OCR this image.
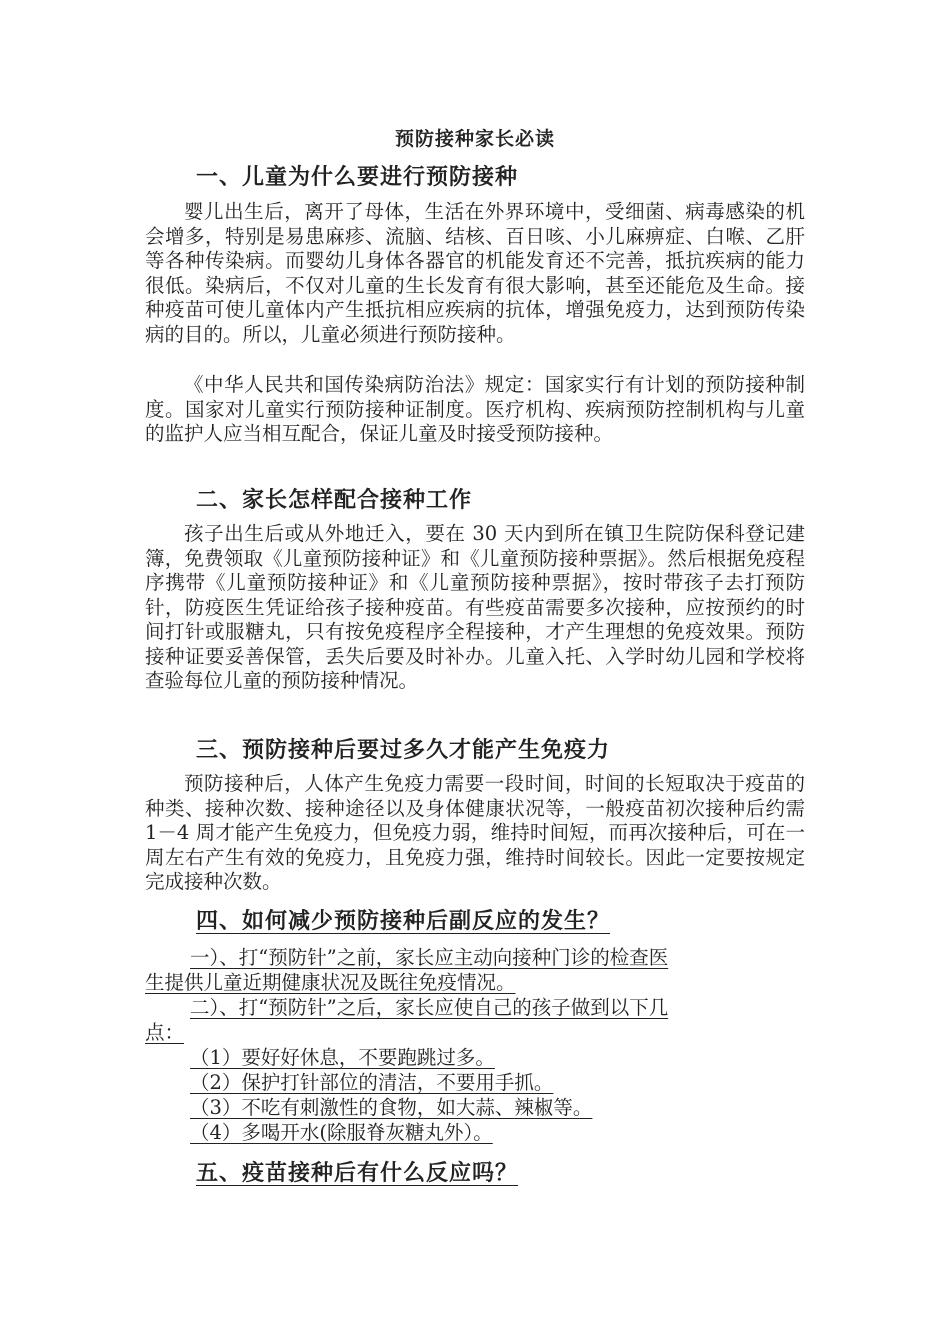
预防接种家长必读
一、儿童为什么要进行预防接种

婴儿出生后，离开了母体，生活在外界环境中，受细菌、病毒感染的机会增多，特别是易患麻疹、流脑、结核、百日咳、小儿麻痹症、白喉、乙肝等各种传染病。而婴幼儿身体各器官的机能发育还不完善，抵抗疾病的能力很低。染病后，不仅对儿童的生长发育有很大影响，甚至还能危及生命。接种疫苗可使儿童体内产生抵抗相应疾病的抗体，增强免疫力，达到预防传染病的目的。所以，儿童必须进行预防接种。

《中华人民共和国传染病防治法》规定：国家实行有计划的预防接种制度。国家对儿童实行预防接种证制度。医疗机构、疾病预防控制机构与儿童的监护人应当相互配合，保证儿童及时接受预防接种。

二、家长怎样配合接种工作

孩子出生后或从外地迁入，要在 30 天内到所在镇卫生院防保科登记建簿，免费领取《儿童预防接种证》和《儿童预防接种票据》。然后根据免疫程序携带《儿童预防接种证》和《儿童预防接种票据》，按时带孩子去打预防针，防疫医生凭证给孩子接种疫苗。有些疫苗需要多次接种，应按预约的时间打针或服糖丸，只有按免疫程序全程接种，才产生理想的免疫效果。预防接种证要妥善保管，丢失后要及时补办。儿童入托、入学时幼儿园和学校将查验每位儿童的预防接种情况。

三、预防接种后要过多久才能产生免疫力

预防接种后，人体产生免疫力需要一段时间，时间的长短取决于疫苗的种类、接种次数、接种途径以及身体健康状况等，一般疫苗初次接种后约需 1－4 周才能产生免疫力，但免疫力弱，维持时间短，而再次接种后，可在一周左右产生有效的免疫力，且免疫力强，维持时间较长。因此一定要按规定完成接种次数。

四、如何减少预防接种后副反应的发生？
一）、打“预防针”之前，家长应主动向接种门诊的检查医
生提供儿童近期健康状况及既往免疫情况。
二）、打“预防针”之后，家长应使自己的孩子做到以下几
点：
（1）要好好休息，不要跑跳过多。
（2）保护打针部位的清洁，不要用手抓。
（3）不吃有刺激性的食物，如大蒜、辣椒等。
（4）多喝开水(除服脊灰糖丸外）。
五、疫苗接种后有什么反应吗？
